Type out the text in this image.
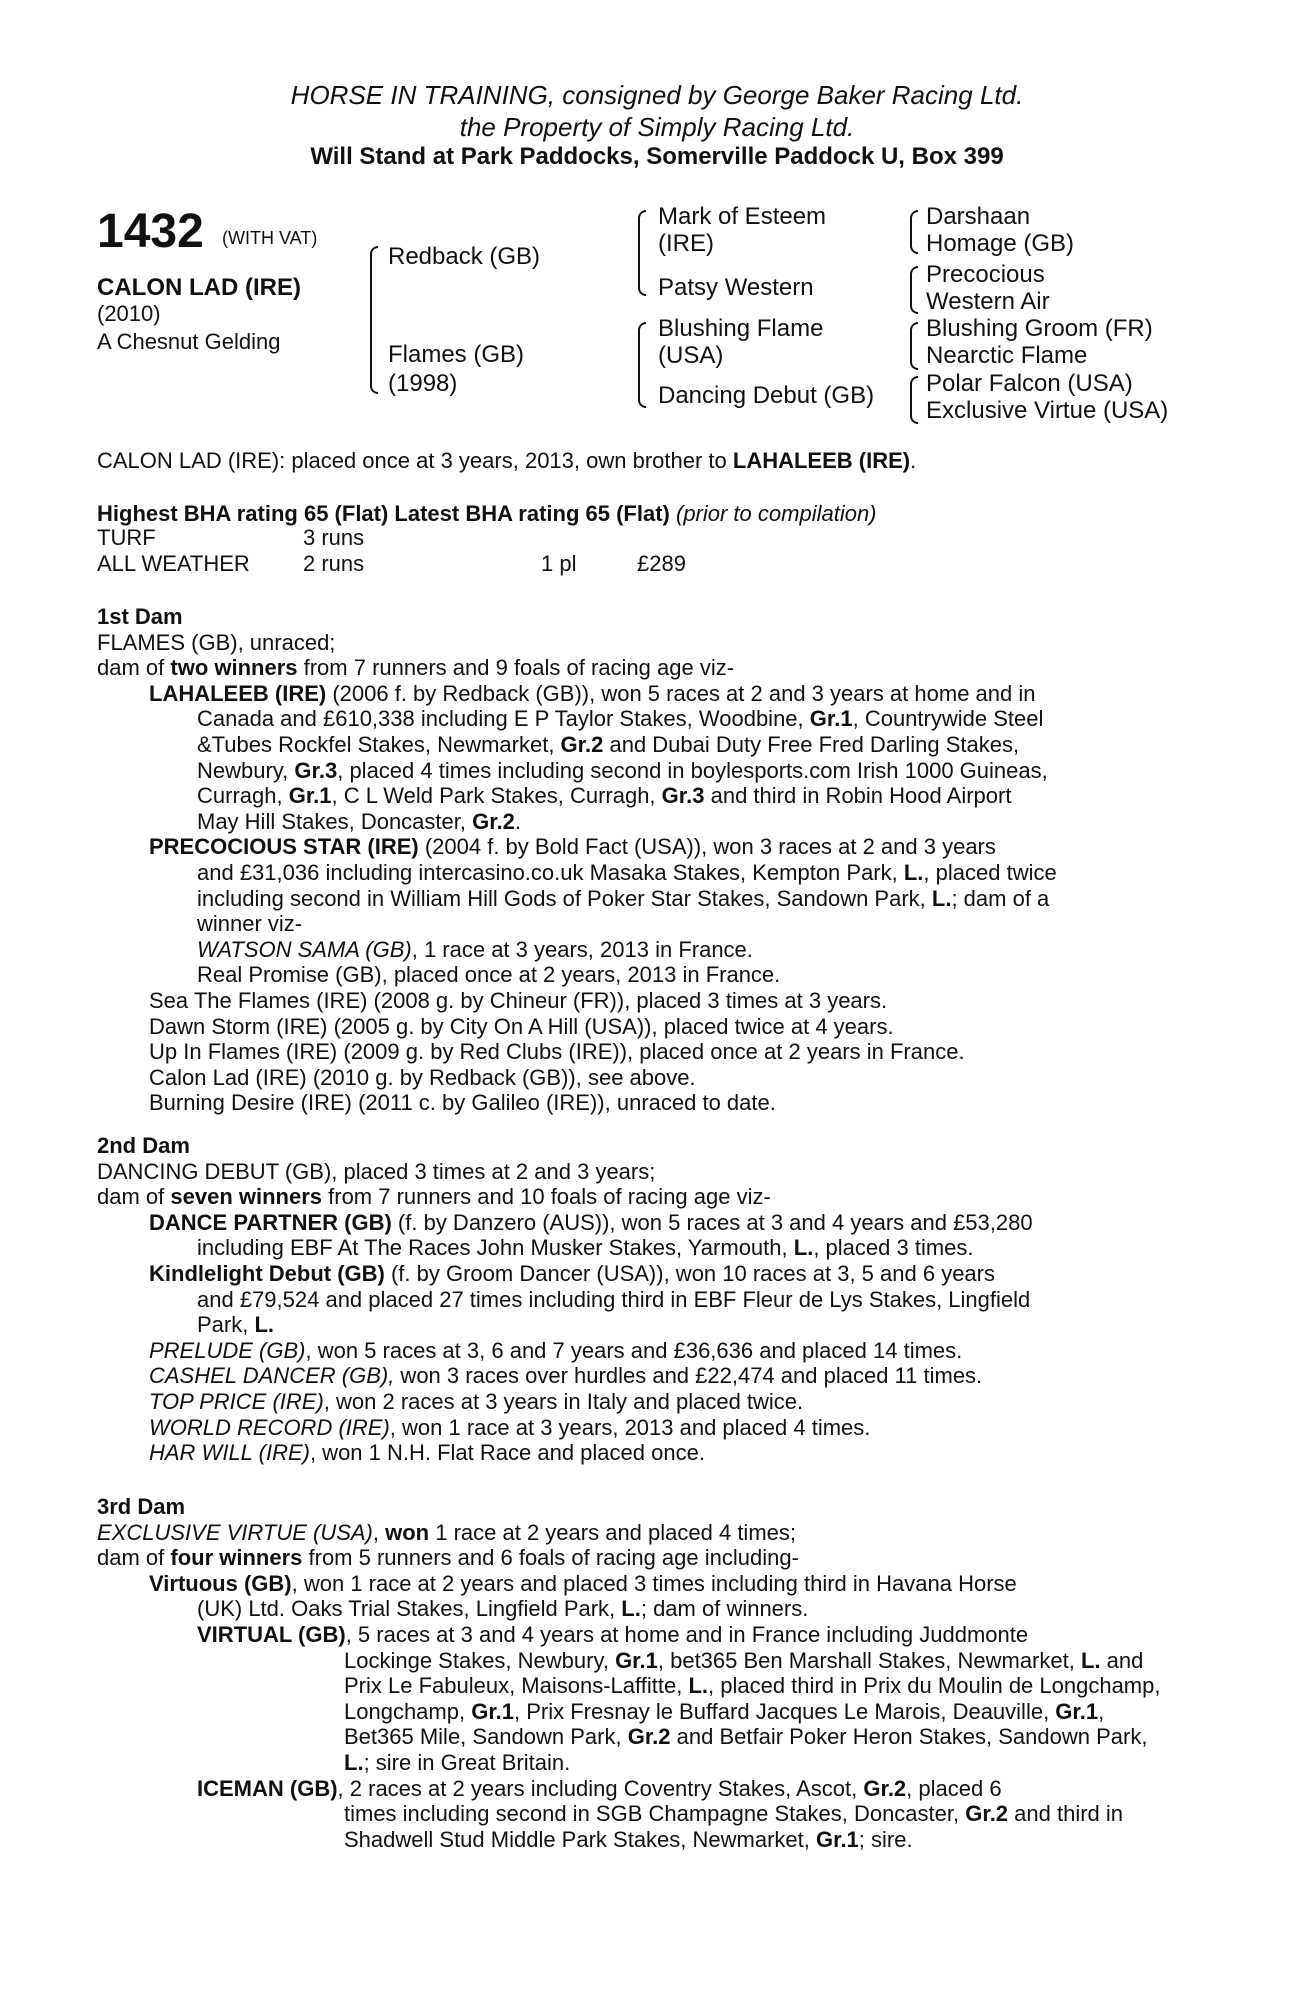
HORSE IN TRAINING, consigned by George Baker Racing Ltd.
the Property of Simply Racing Ltd.
Will Stand at Park Paddocks, Somerville Paddock U, Box 399
1432 (WITH VAT)
CALON LAD (IRE)
(2010)
A Chesnut Gelding
Redback (GB)
Flames (GB)
(1998)
Mark of Esteem
(IRE)
Patsy Western
Blushing Flame
(USA)
Dancing Debut (GB)
Darshaan
Homage (GB)
Precocious
Western Air
Blushing Groom (FR)
Nearctic Flame
Polar Falcon (USA)
Exclusive Virtue (USA)
CALON LAD (IRE): placed once at 3 years, 2013, own brother to LAHALEEB (IRE).
Highest BHA rating 65 (Flat) Latest BHA rating 65 (Flat) (prior to compilation)
TURF	3 runs
ALL WEATHER 2 runs	1 pl	£289
1st Dam
FLAMES (GB), unraced;
dam of two winners from 7 runners and 9 foals of racing age viz-
LAHALEEB (IRE) (2006 f. by Redback (GB)), won 5 races at 2 and 3 years at home and in
Canada and £610,338 including E P Taylor Stakes, Woodbine, Gr.1, Countrywide Steel
&Tubes Rockfel Stakes, Newmarket, Gr.2 and Dubai Duty Free Fred Darling Stakes,
Newbury, Gr.3, placed 4 times including second in boylesports.com Irish 1000 Guineas,
Curragh, Gr.1, C L Weld Park Stakes, Curragh, Gr.3 and third in Robin Hood Airport
May Hill Stakes, Doncaster, Gr.2.
PRECOCIOUS STAR (IRE) (2004 f. by Bold Fact (USA)), won 3 races at 2 and 3 years
and £31,036 including intercasino.co.uk Masaka Stakes, Kempton Park, L., placed twice
including second in William Hill Gods of Poker Star Stakes, Sandown Park, L.; dam of a
winner viz-
WATSON SAMA (GB), 1 race at 3 years, 2013 in France.
Real Promise (GB), placed once at 2 years, 2013 in France.
Sea The Flames (IRE) (2008 g. by Chineur (FR)), placed 3 times at 3 years.
Dawn Storm (IRE) (2005 g. by City On A Hill (USA)), placed twice at 4 years.
Up In Flames (IRE) (2009 g. by Red Clubs (IRE)), placed once at 2 years in France.
Calon Lad (IRE) (2010 g. by Redback (GB)), see above.
Burning Desire (IRE) (2011 c. by Galileo (IRE)), unraced to date.
2nd Dam
DANCING DEBUT (GB), placed 3 times at 2 and 3 years;
dam of seven winners from 7 runners and 10 foals of racing age viz-
DANCE PARTNER (GB) (f. by Danzero (AUS)), won 5 races at 3 and 4 years and £53,280
including EBF At The Races John Musker Stakes, Yarmouth, L., placed 3 times.
Kindlelight Debut (GB) (f. by Groom Dancer (USA)), won 10 races at 3, 5 and 6 years
and £79,524 and placed 27 times including third in EBF Fleur de Lys Stakes, Lingfield
Park, L.
PRELUDE (GB), won 5 races at 3, 6 and 7 years and £36,636 and placed 14 times.
CASHEL DANCER (GB), won 3 races over hurdles and £22,474 and placed 11 times.
TOP PRICE (IRE), won 2 races at 3 years in Italy and placed twice.
WORLD RECORD (IRE), won 1 race at 3 years, 2013 and placed 4 times.
HAR WILL (IRE), won 1 N.H. Flat Race and placed once.
3rd Dam
EXCLUSIVE VIRTUE (USA), won 1 race at 2 years and placed 4 times;
dam of four winners from 5 runners and 6 foals of racing age including-
Virtuous (GB), won 1 race at 2 years and placed 3 times including third in Havana Horse
(UK) Ltd. Oaks Trial Stakes, Lingfield Park, L.; dam of winners.
VIRTUAL (GB), 5 races at 3 and 4 years at home and in France including Juddmonte
Lockinge Stakes, Newbury, Gr.1, bet365 Ben Marshall Stakes, Newmarket, L. and
Prix Le Fabuleux, Maisons-Laffitte, L., placed third in Prix du Moulin de Longchamp,
Longchamp, Gr.1, Prix Fresnay le Buffard Jacques Le Marois, Deauville, Gr.1,
Bet365 Mile, Sandown Park, Gr.2 and Betfair Poker Heron Stakes, Sandown Park,
L.; sire in Great Britain.
ICEMAN (GB), 2 races at 2 years including Coventry Stakes, Ascot, Gr.2, placed 6
times including second in SGB Champagne Stakes, Doncaster, Gr.2 and third in
Shadwell Stud Middle Park Stakes, Newmarket, Gr.1; sire.
